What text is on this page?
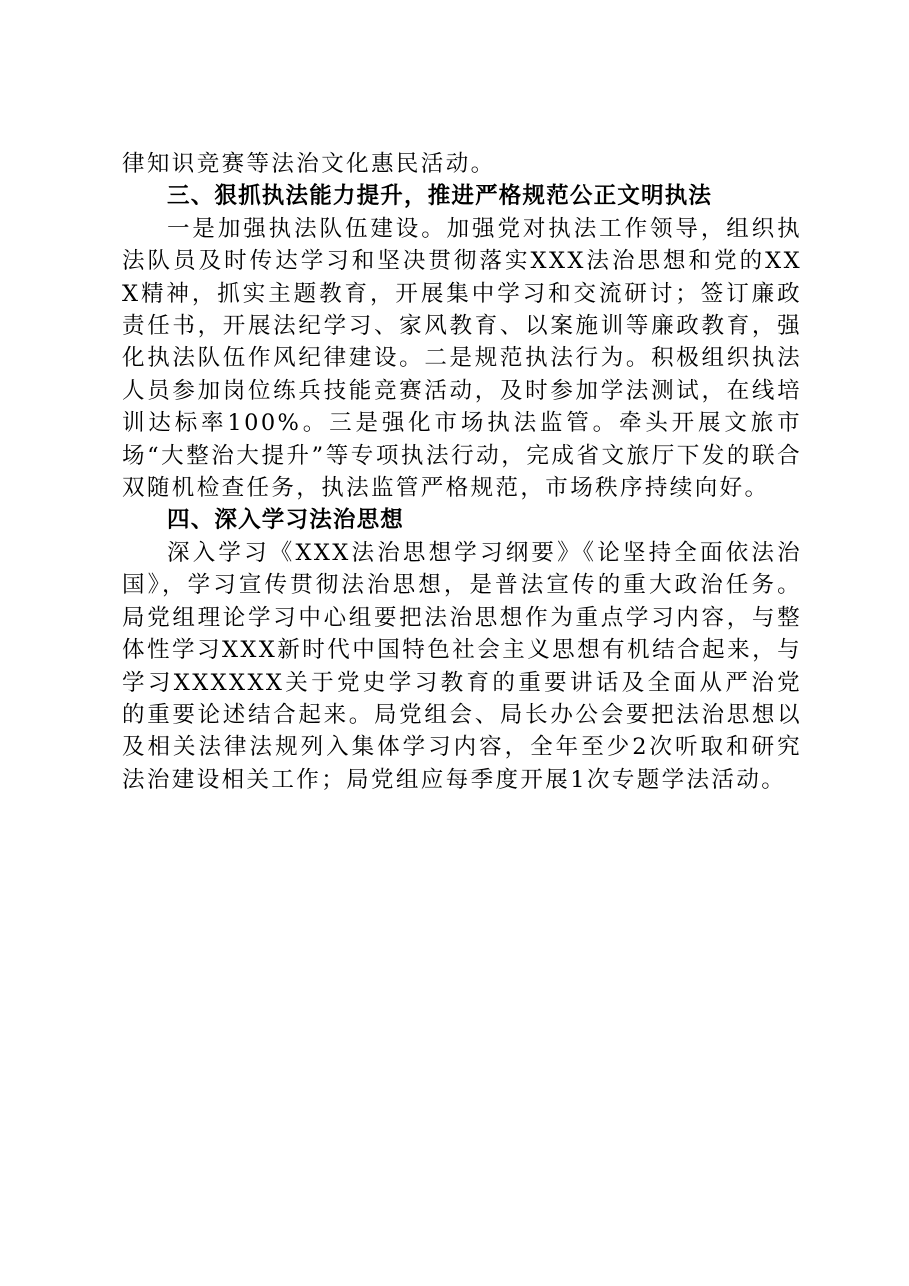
律知识竞赛等法治文化惠民活动。

三、狠抓执法能力提升，推进严格规范公正文明执法

一是加强执法队伍建设。加强党对执法工作领导，组织执法队员及时传达学习和坚决贯彻落实XXX法治思想和党的XXX精神，抓实主题教育，开展集中学习和交流研讨；签订廉政责任书，开展法纪学习、家风教育、以案施训等廉政教育，强化执法队伍作风纪律建设。二是规范执法行为。积极组织执法人员参加岗位练兵技能竞赛活动，及时参加学法测试，在线培训达标率100%。三是强化市场执法监管。牵头开展文旅市场“大整治大提升”等专项执法行动，完成省文旅厅下发的联合双随机检查任务，执法监管严格规范，市场秩序持续向好。

四、深入学习法治思想

深入学习《XXX法治思想学习纲要》《论坚持全面依法治国》，学习宣传贯彻法治思想，是普法宣传的重大政治任务。局党组理论学习中心组要把法治思想作为重点学习内容，与整体性学习XXX新时代中国特色社会主义思想有机结合起来，与学习XXXXXX关于党史学习教育的重要讲话及全面从严治党的重要论述结合起来。局党组会、局长办公会要把法治思想以及相关法律法规列入集体学习内容，全年至少2次听取和研究法治建设相关工作；局党组应每季度开展1次专题学法活动。
